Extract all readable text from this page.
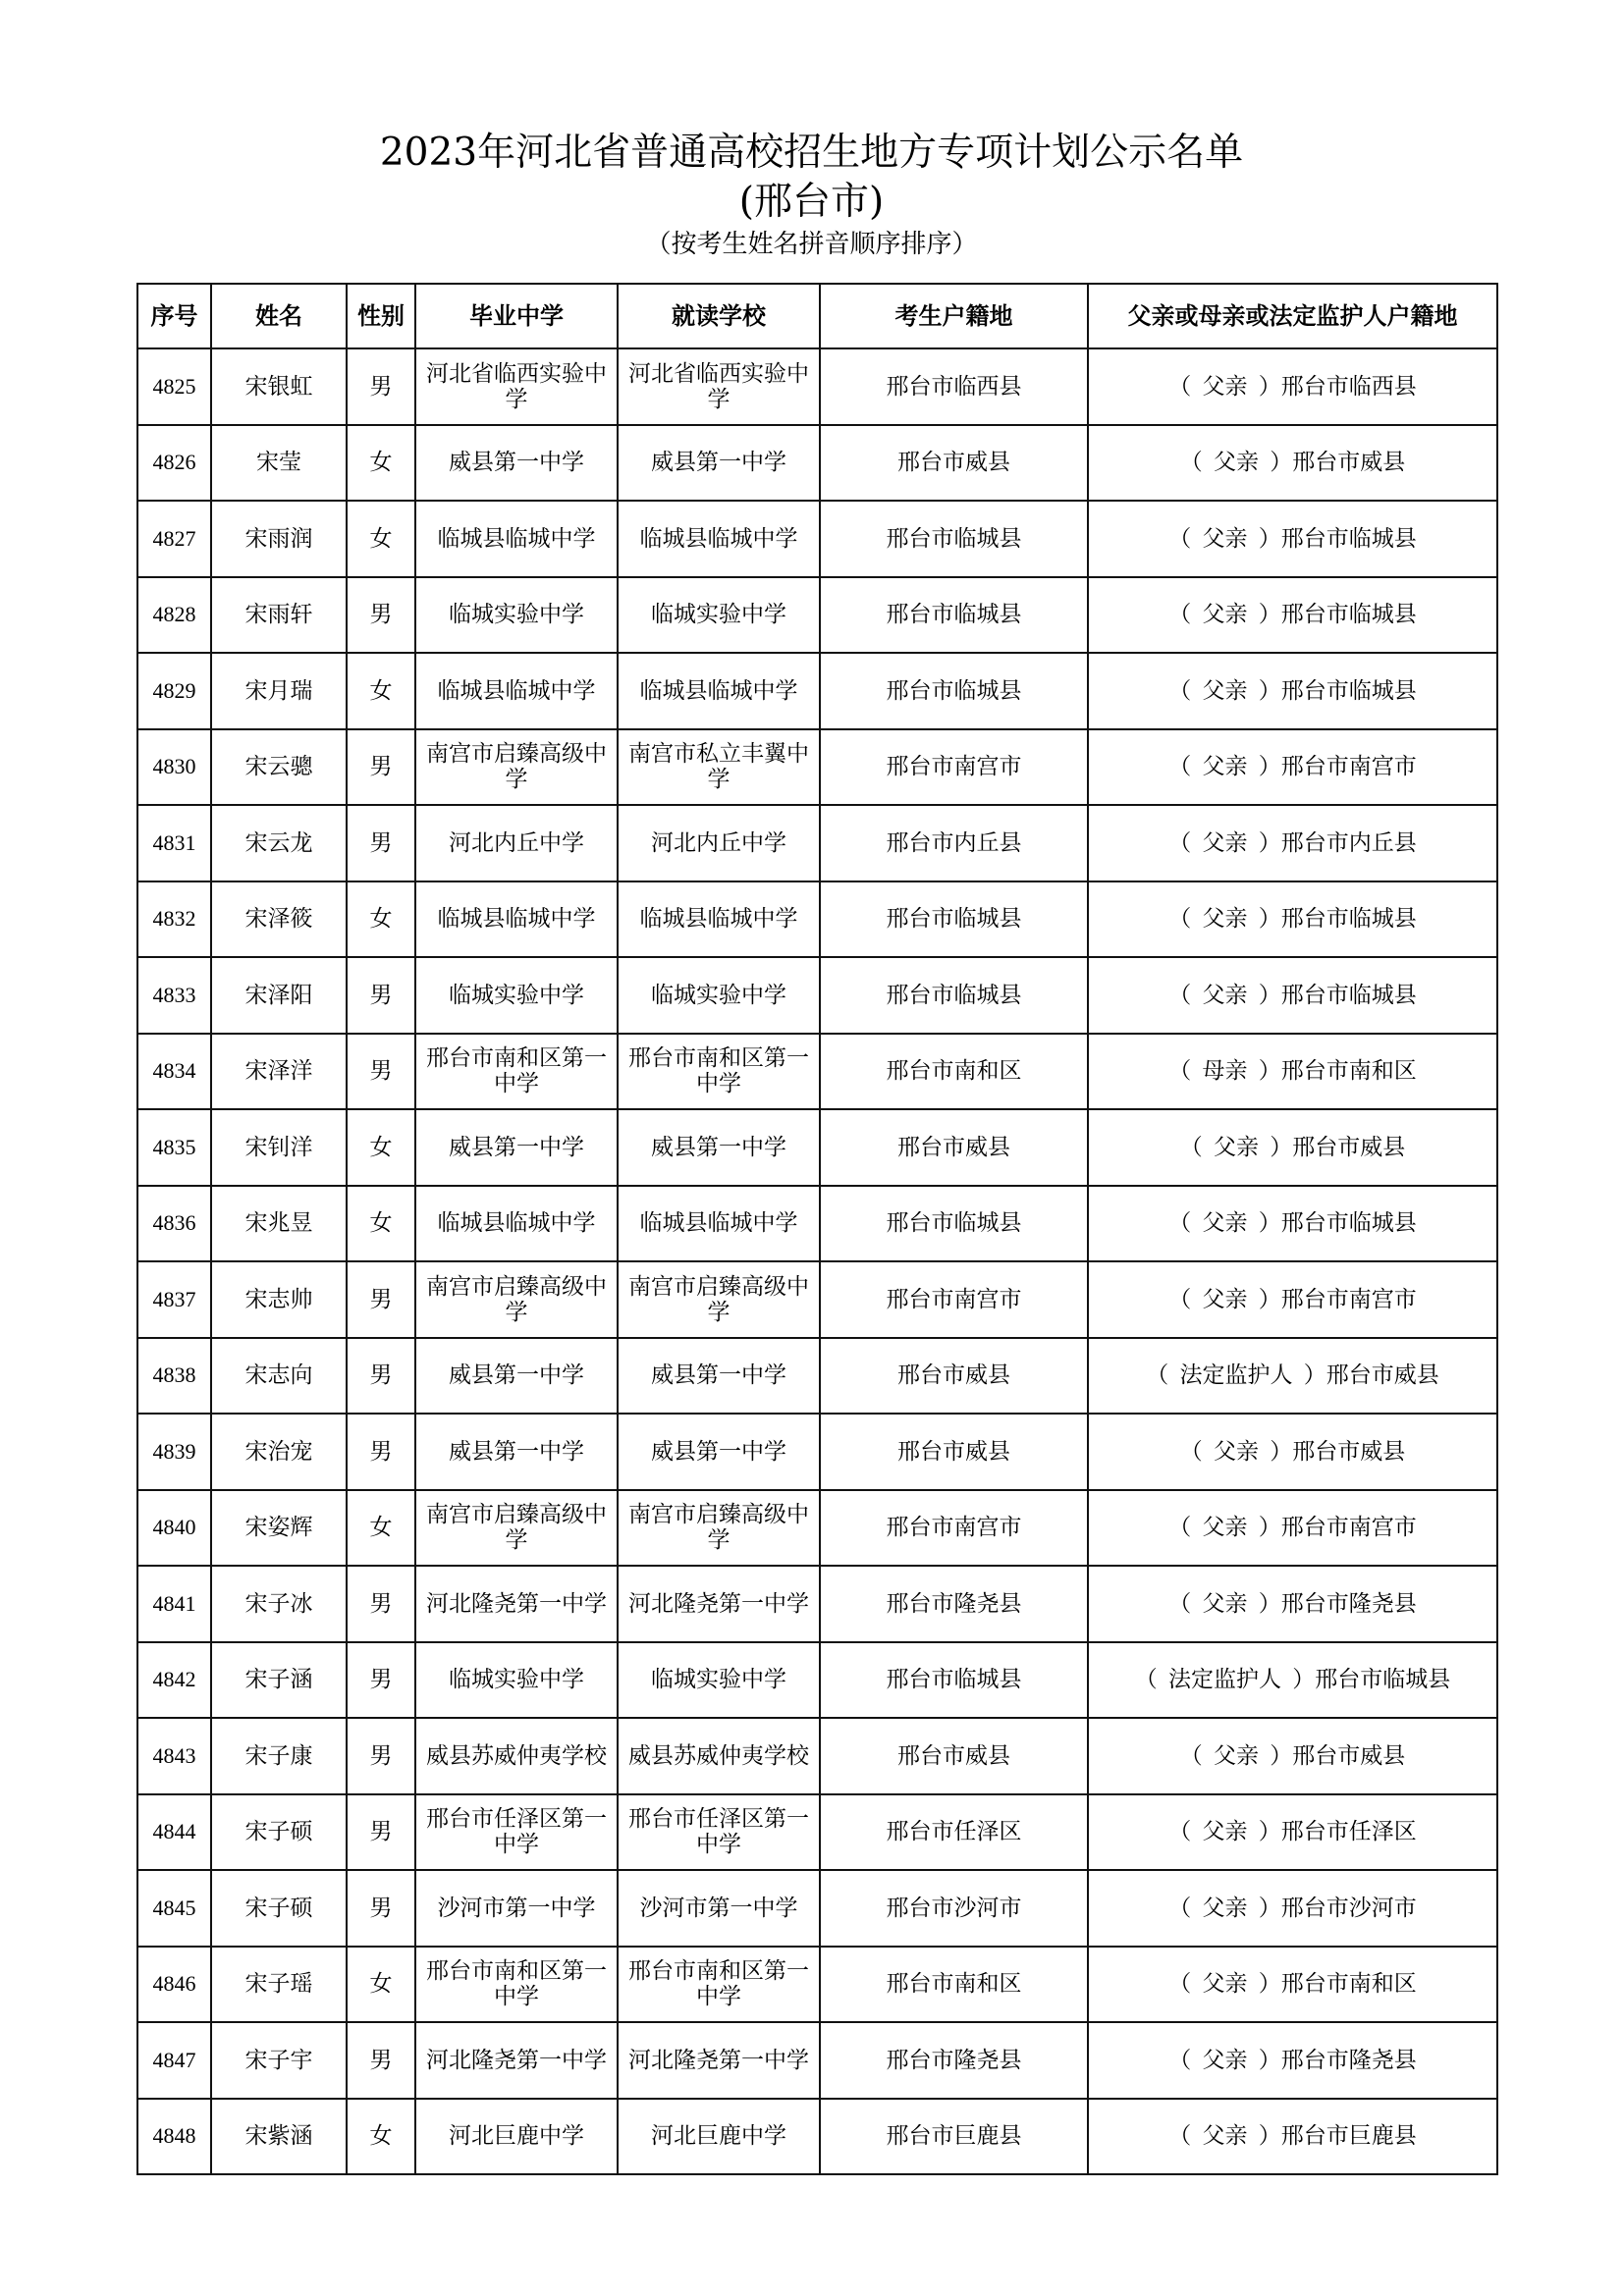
2023年河北省普通高校招生地方专项计划公示名单
(邢台市)
（按考生姓名拼音顺序排序）
序号	姓名	性别	毕业中学	就读学校	考生户籍地	父亲或母亲或法定监护人户籍地
4825	宋银虹	男	河北省临西实验中学	河北省临西实验中学	邢台市临西县	（ 父亲 ）邢台市临西县
4826	宋莹	女	威县第一中学	威县第一中学	邢台市威县	（ 父亲 ）邢台市威县
4827	宋雨润	女	临城县临城中学	临城县临城中学	邢台市临城县	（ 父亲 ）邢台市临城县
4828	宋雨轩	男	临城实验中学	临城实验中学	邢台市临城县	（ 父亲 ）邢台市临城县
4829	宋月瑞	女	临城县临城中学	临城县临城中学	邢台市临城县	（ 父亲 ）邢台市临城县
4830	宋云骢	男	南宫市启臻高级中学	南宫市私立丰翼中学	邢台市南宫市	（ 父亲 ）邢台市南宫市
4831	宋云龙	男	河北内丘中学	河北内丘中学	邢台市内丘县	（ 父亲 ）邢台市内丘县
4832	宋泽筱	女	临城县临城中学	临城县临城中学	邢台市临城县	（ 父亲 ）邢台市临城县
4833	宋泽阳	男	临城实验中学	临城实验中学	邢台市临城县	（ 父亲 ）邢台市临城县
4834	宋泽洋	男	邢台市南和区第一中学	邢台市南和区第一中学	邢台市南和区	（ 母亲 ）邢台市南和区
4835	宋钊洋	女	威县第一中学	威县第一中学	邢台市威县	（ 父亲 ）邢台市威县
4836	宋兆昱	女	临城县临城中学	临城县临城中学	邢台市临城县	（ 父亲 ）邢台市临城县
4837	宋志帅	男	南宫市启臻高级中学	南宫市启臻高级中学	邢台市南宫市	（ 父亲 ）邢台市南宫市
4838	宋志向	男	威县第一中学	威县第一中学	邢台市威县	（ 法定监护人 ）邢台市威县
4839	宋治宠	男	威县第一中学	威县第一中学	邢台市威县	（ 父亲 ）邢台市威县
4840	宋姿辉	女	南宫市启臻高级中学	南宫市启臻高级中学	邢台市南宫市	（ 父亲 ）邢台市南宫市
4841	宋子冰	男	河北隆尧第一中学	河北隆尧第一中学	邢台市隆尧县	（ 父亲 ）邢台市隆尧县
4842	宋子涵	男	临城实验中学	临城实验中学	邢台市临城县	（ 法定监护人 ）邢台市临城县
4843	宋子康	男	威县苏威仲夷学校	威县苏威仲夷学校	邢台市威县	（ 父亲 ）邢台市威县
4844	宋子硕	男	邢台市任泽区第一中学	邢台市任泽区第一中学	邢台市任泽区	（ 父亲 ）邢台市任泽区
4845	宋子硕	男	沙河市第一中学	沙河市第一中学	邢台市沙河市	（ 父亲 ）邢台市沙河市
4846	宋子瑶	女	邢台市南和区第一中学	邢台市南和区第一中学	邢台市南和区	（ 父亲 ）邢台市南和区
4847	宋子宇	男	河北隆尧第一中学	河北隆尧第一中学	邢台市隆尧县	（ 父亲 ）邢台市隆尧县
4848	宋紫涵	女	河北巨鹿中学	河北巨鹿中学	邢台市巨鹿县	（ 父亲 ）邢台市巨鹿县
